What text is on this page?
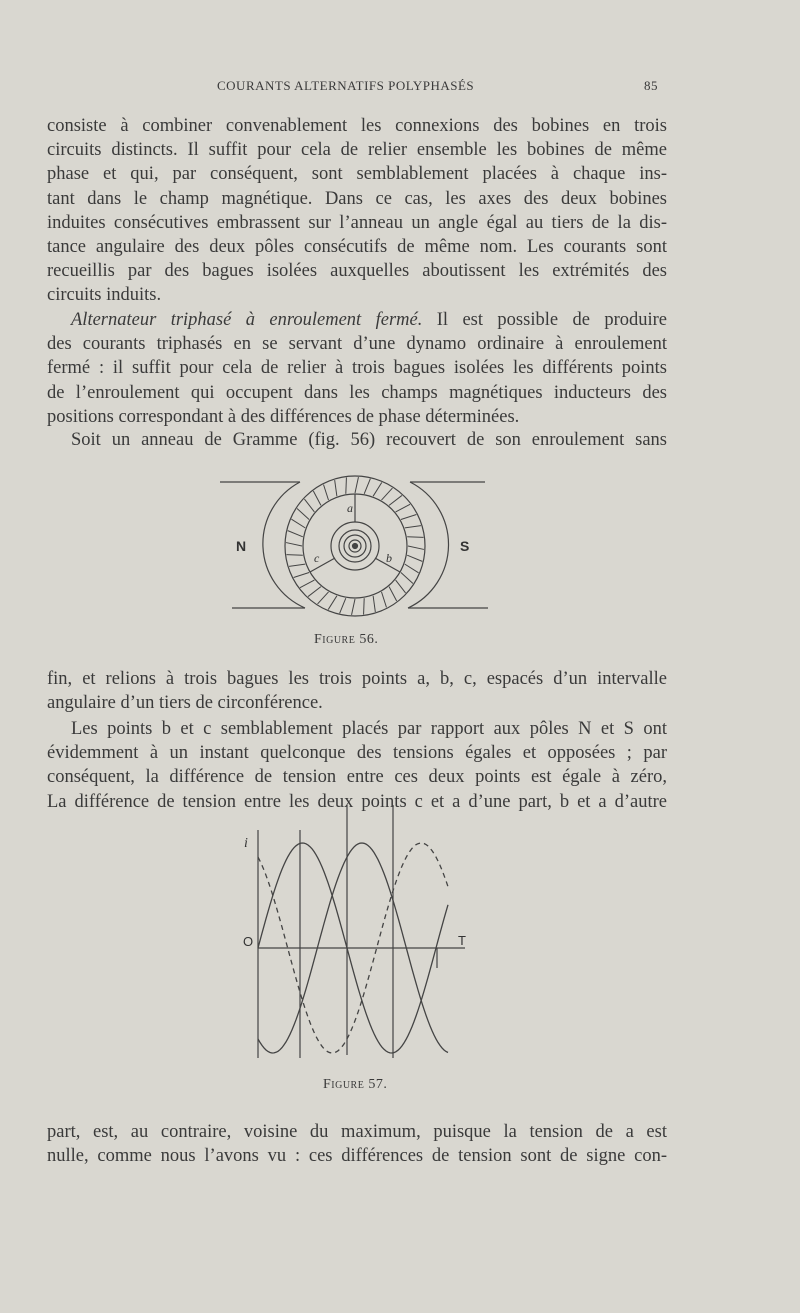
COURANTS ALTERNATIFS POLYPHASÉS	85
consiste à combiner convenablement les connexions des bobines en trois
circuits distincts. Il suffit pour cela de relier ensemble les bobines de même
phase et qui, par conséquent, sont semblablement placées à chaque ins-
tant dans le champ magnétique. Dans ce cas, les axes des deux bobines
induites consécutives embrassent sur l’anneau un angle égal au tiers de la dis-
tance angulaire des deux pôles consécutifs de même nom. Les courants sont
recueillis par des bagues isolées auxquelles aboutissent les extrémités des
circuits induits.
Alternateur triphasé à enroulement fermé. Il est possible de produire
des courants triphasés en se servant d’une dynamo ordinaire à enroulement
fermé : il suffit pour cela de relier à trois bagues isolées les différents points
de l’enroulement qui occupent dans les champs magnétiques inducteurs des
positions correspondant à des différences de phase déterminées.
Soit un anneau de Gramme (fig. 56) recouvert de son enroulement sans
N	S
a
b
c
Figure 56.
fin, et relions à trois bagues les trois points a, b, c, espacés d’un intervalle
angulaire d’un tiers de circonférence.
Les points b et c semblablement placés par rapport aux pôles N et S ont
évidemment à un instant quelconque des tensions égales et opposées ; par
conséquent, la différence de tension entre ces deux points est égale à zéro,
La différence de tension entre les deux points c et a d’une part, b et a d’autre
i
O	T
Figure 57.
part, est, au contraire, voisine du maximum, puisque la tension de a est
nulle, comme nous l’avons vu : ces différences de tension sont de signe con-
